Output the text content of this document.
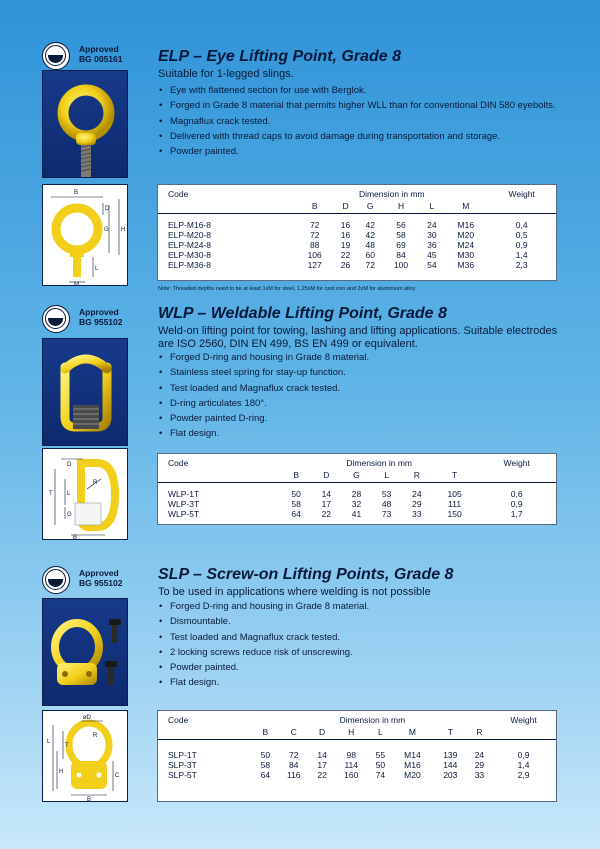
Approved
BG 005161 ELP – Eye Lifting Point, Grade 8
Suitable for 1-legged slings.
• Eye with flattened section for use with Berglok.
• Forged in Grade 8 material that permits higher WLL than for conventional DIN 580 eyebolts.
• Magnaflux crack tested.
• Delivered with thread caps to avoid damage during transportation and storage.
• Powder painted.
B
D
G H
L
M
Code	Dimension in mm						Weight
	B	D	G	H	L	M	

ELP-M16-8	72	16	42	56	24	M16	0,4
ELP-M20-8	72	16	42	58	30	M20	0,5
ELP-M24-8	88	19	48	69	36	M24	0,9
ELP-M30-8	106	22	60	84	45	M30	1,4
ELP-M36-8	127	26	72	100	54	M36	2,3
Note: Threaded depths need to be at least 1xM for steel, 1,25xM for cast iron and 2xM for aluminium alloy
Approved
BG 955102 WLP – Weldable Lifting Point, Grade 8
Weld-on lifting point for towing, lashing and lifting applications. Suitable electrodes are ISO 2560, DIN EN 499, BS EN 499 or equivalent.
• Forged D-ring and housing in Grade 8 material.
• Stainless steel spring for stay-up function.
• Test loaded and Magnaflux crack tested.
• D-ring articulates 180°.
• Powder painted D-ring.
• Flat design.
B
D
R
T L
G
Code	Dimension in mm						Weight
	B	D	G	L	R	T	

WLP-1T	50	14	28	53	24	105	0,6
WLP-3T	58	17	32	48	29	111	0,9
WLP-5T	64	22	41	73	33	150	1,7
Approved
BG 955102 SLP – Screw-on Lifting Points, Grade 8
To be used in applications where welding is not possible
• Forged D-ring and housing in Grade 8 material.
• Dismountable.
• Test loaded and Magnaflux crack tested.
• 2 locking screws reduce risk of unscrewing.
• Powder painted.
• Flat design.
øD
R
L
T
H
C
B
Code	Dimension in mm								Weight
	B	C	D	H	L	M	T	R	

SLP-1T	50	72	14	98	55	M14	139	24	0,9
SLP-3T	58	84	17	114	50	M16	144	29	1,4
SLP-5T	64	116	22	160	74	M20	203	33	2,9
